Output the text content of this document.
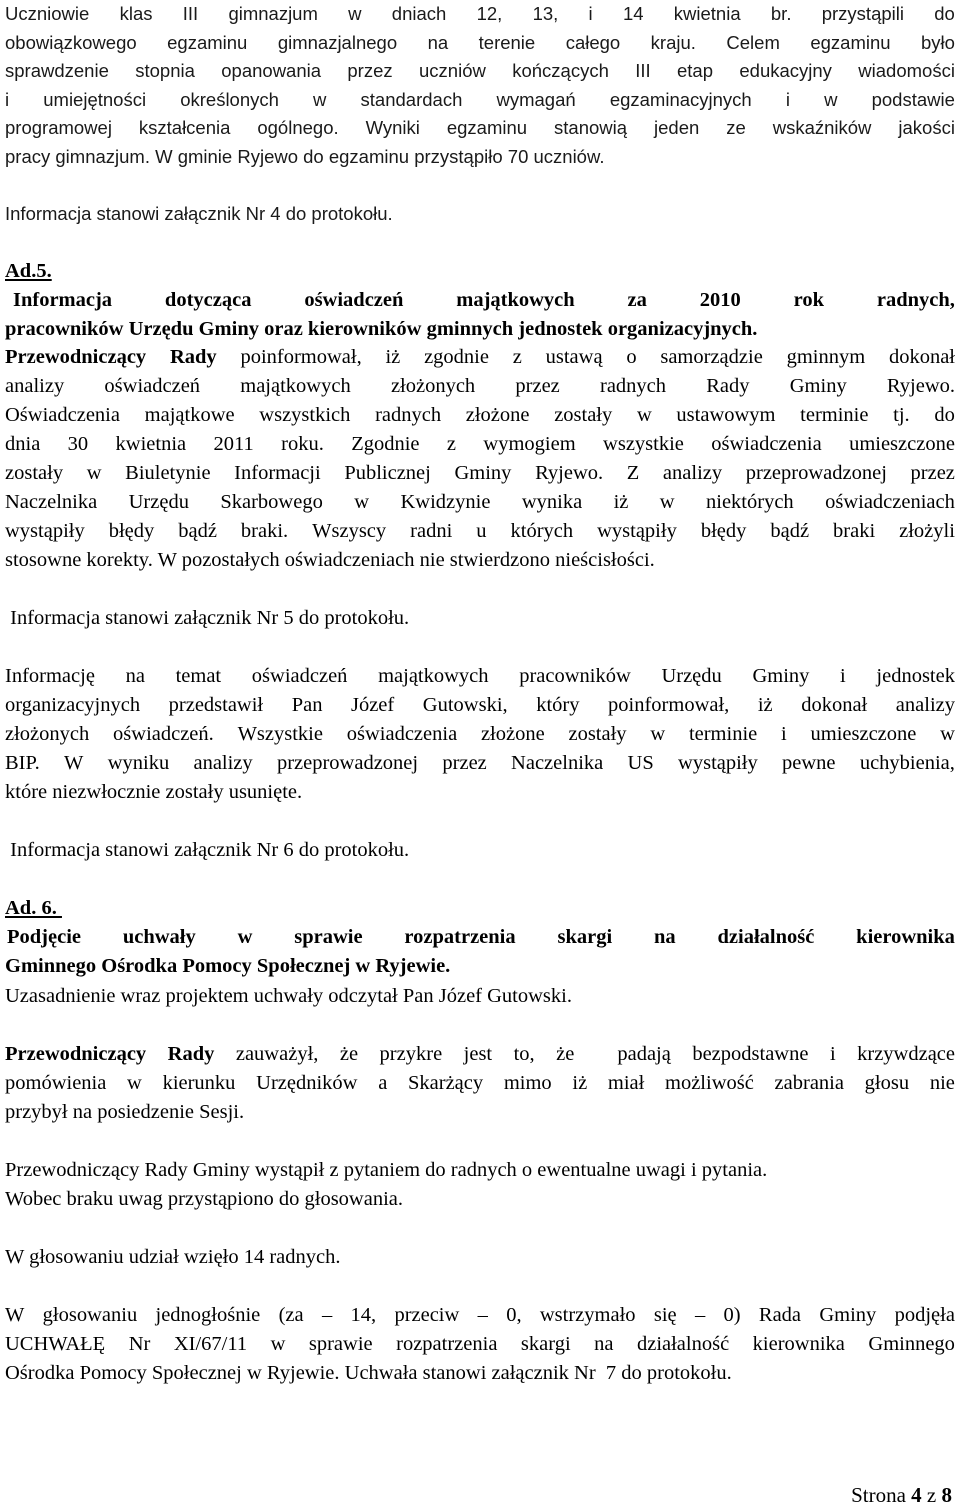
Uczniowie klas III gimnazjum w dniach 12, 13, i 14 kwietnia br. przystąpili do
obowiązkowego egzaminu gimnazjalnego na terenie całego kraju. Celem egzaminu było
sprawdzenie stopnia opanowania przez uczniów kończących III etap edukacyjny wiadomości
i umiejętności określonych w standardach wymagań egzaminacyjnych i w podstawie
programowej kształcenia ogólnego. Wyniki egzaminu stanowią jeden ze wskaźników jakości
pracy gimnazjum. W gminie Ryjewo do egzaminu przystąpiło 70 uczniów.
Informacja stanowi załącznik Nr 4 do protokołu.
Ad.5.
Informacja	dotycząca	oświadczeń	majątkowych	za	2010	rok	radnych,
pracowników Urzędu Gminy oraz kierowników gminnych jednostek organizacyjnych.
Przewodniczący Rady poinformował, iż zgodnie z ustawą o samorządzie gminnym dokonał
analizy oświadczeń majątkowych złożonych przez radnych Rady Gminy Ryjewo.
Oświadczenia majątkowe wszystkich radnych złożone zostały w ustawowym terminie tj. do
dnia 30 kwietnia 2011 roku. Zgodnie z wymogiem wszystkie oświadczenia umieszczone
zostały w Biuletynie Informacji Publicznej Gminy Ryjewo. Z analizy przeprowadzonej przez
Naczelnika Urzędu Skarbowego w Kwidzynie wynika iż w niektórych oświadczeniach
wystąpiły błędy bądź braki. Wszyscy radni u których wystąpiły błędy bądź braki złożyli
stosowne korekty. W pozostałych oświadczeniach nie stwierdzono nieścisłości.
Informacja stanowi załącznik Nr 5 do protokołu.
Informację na temat oświadczeń majątkowych pracowników Urzędu Gminy i jednostek
organizacyjnych przedstawił Pan Józef Gutowski, który poinformował, iż dokonał analizy
złożonych oświadczeń. Wszystkie oświadczenia złożone zostały w terminie i umieszczone w
BIP. W wyniku analizy przeprowadzonej przez Naczelnika US wystąpiły pewne uchybienia,
które niezwłocznie zostały usunięte.
Informacja stanowi załącznik Nr 6 do protokołu.
Ad. 6.
Podjęcie uchwały w sprawie rozpatrzenia skargi na działalność kierownika
Gminnego Ośrodka Pomocy Społecznej w Ryjewie.
Uzasadnienie wraz projektem uchwały odczytał Pan Józef Gutowski.
Przewodniczący Rady zauważył, że przykre jest to, że  padają bezpodstawne i krzywdzące
pomówienia w kierunku Urzędników a Skarżący mimo iż miał możliwość zabrania głosu nie
przybył na posiedzenie Sesji.
Przewodniczący Rady Gminy wystąpił z pytaniem do radnych o ewentualne uwagi i pytania.
Wobec braku uwag przystąpiono do głosowania.
W głosowaniu udział wzięło 14 radnych.
W głosowaniu jednogłośnie (za – 14, przeciw – 0, wstrzymało się – 0) Rada Gminy podjęła
UCHWAŁĘ Nr XI/67/11 w sprawie rozpatrzenia skargi na działalność kierownika Gminnego
Ośrodka Pomocy Społecznej w Ryjewie. Uchwała stanowi załącznik Nr  7 do protokołu.
Strona 4 z 8
